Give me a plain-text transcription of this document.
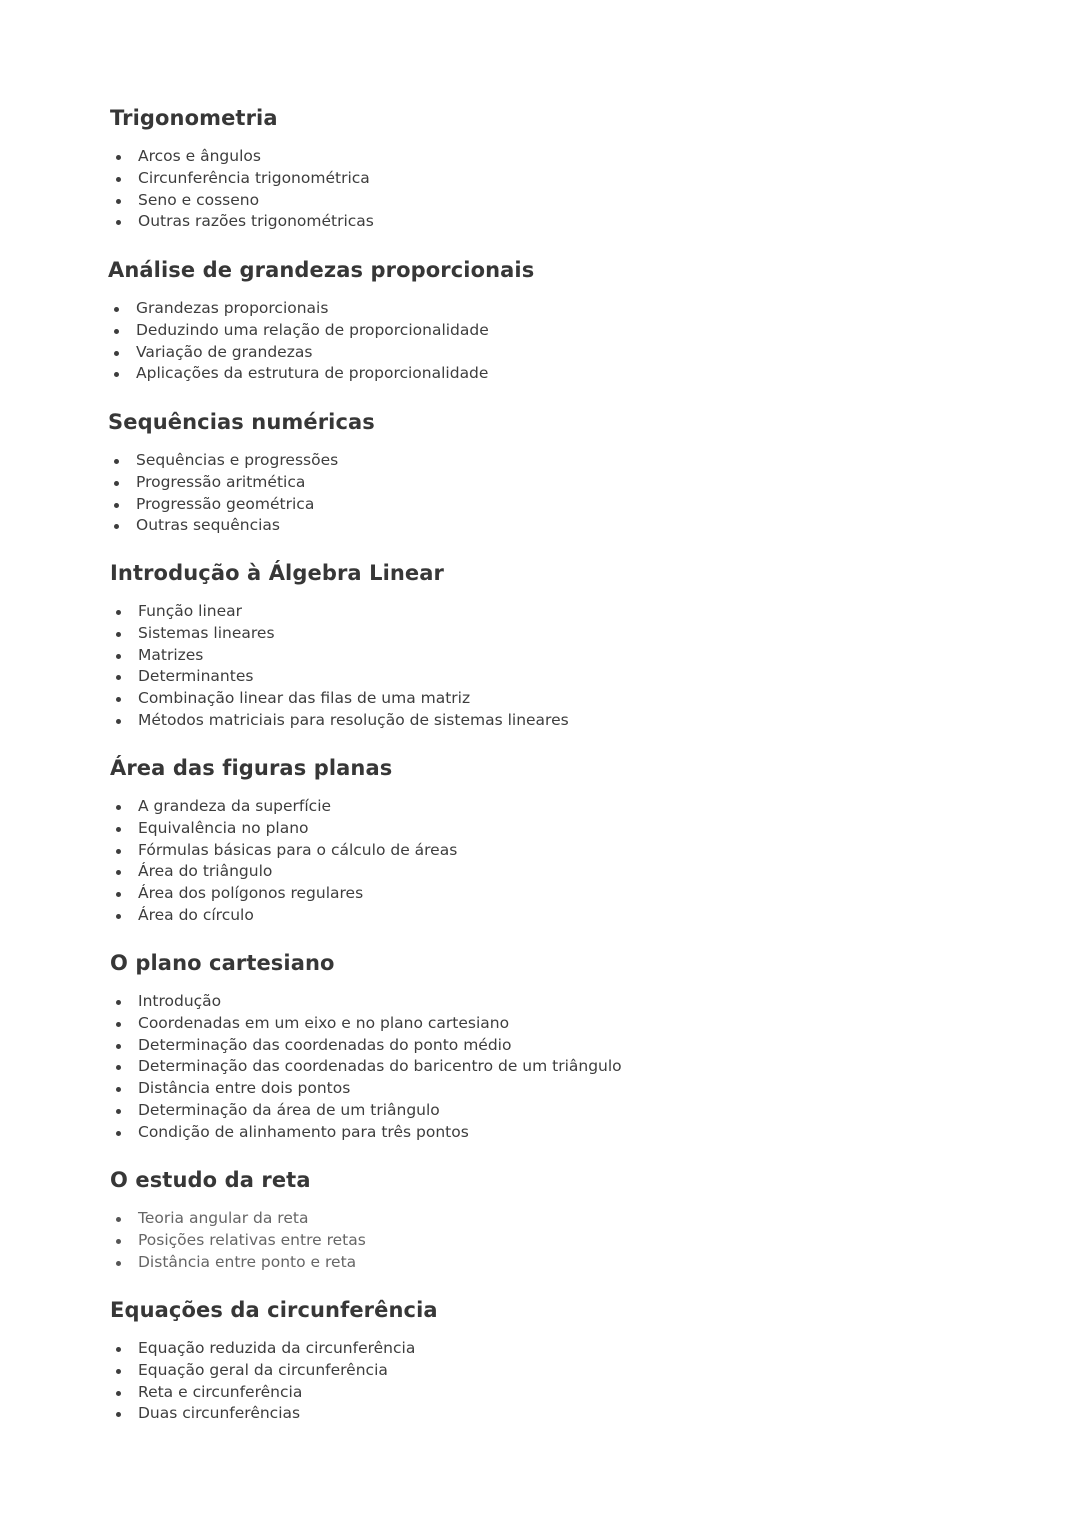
Trigonometria
Arcos e ângulos
Circunferência trigonométrica
Seno e cosseno
Outras razões trigonométricas
Análise de grandezas proporcionais
Grandezas proporcionais
Deduzindo uma relação de proporcionalidade
Variação de grandezas
Aplicações da estrutura de proporcionalidade
Sequências numéricas
Sequências e progressões
Progressão aritmética
Progressão geométrica
Outras sequências
Introdução à Álgebra Linear
Função linear
Sistemas lineares
Matrizes
Determinantes
Combinação linear das filas de uma matriz
Métodos matriciais para resolução de sistemas lineares
Área das figuras planas
A grandeza da superfície
Equivalência no plano
Fórmulas básicas para o cálculo de áreas
Área do triângulo
Área dos polígonos regulares
Área do círculo
O plano cartesiano
Introdução
Coordenadas em um eixo e no plano cartesiano
Determinação das coordenadas do ponto médio
Determinação das coordenadas do baricentro de um triângulo
Distância entre dois pontos
Determinação da área de um triângulo
Condição de alinhamento para três pontos
O estudo da reta
Teoria angular da reta
Posições relativas entre retas
Distância entre ponto e reta
Equações da circunferência
Equação reduzida da circunferência
Equação geral da circunferência
Reta e circunferência
Duas circunferências
